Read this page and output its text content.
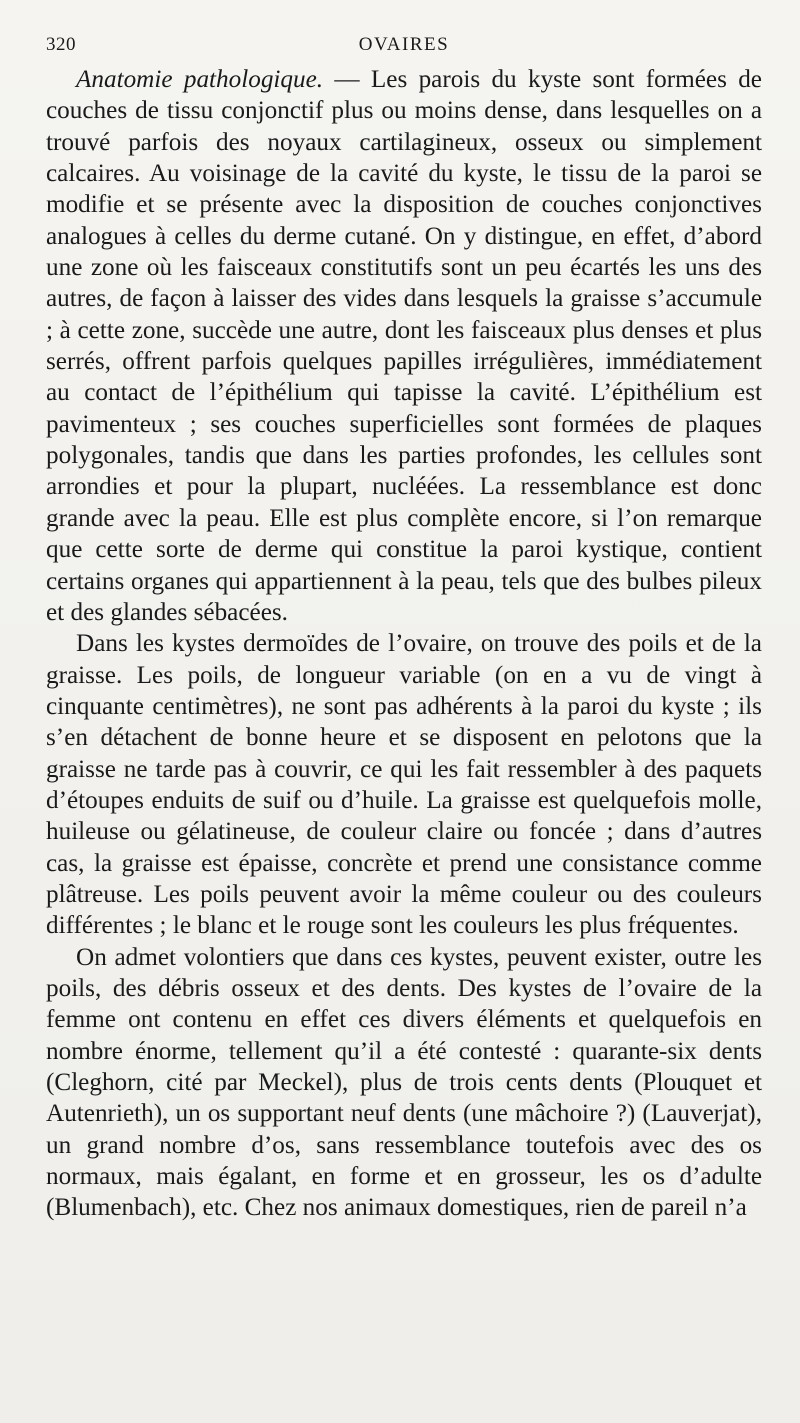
320	OVAIRES

Anatomie pathologique. — Les parois du kyste sont formées de couches de tissu conjonctif plus ou moins dense, dans lesquelles on a trouvé parfois des noyaux cartilagineux, osseux ou simplement calcaires. Au voisinage de la cavité du kyste, le tissu de la paroi se modifie et se présente avec la disposition de couches conjonctives analogues à celles du derme cutané. On y distingue, en effet, d’abord une zone où les faisceaux constitutifs sont un peu écartés les uns des autres, de façon à laisser des vides dans lesquels la graisse s’accumule ; à cette zone, succède une autre, dont les faisceaux plus denses et plus serrés, offrent parfois quelques papilles irrégulières, immédiatement au contact de l’épithélium qui tapisse la cavité. L’épithélium est pavimenteux ; ses couches superficielles sont formées de plaques polygonales, tandis que dans les parties profondes, les cellules sont arrondies et pour la plupart, nucléées. La ressemblance est donc grande avec la peau. Elle est plus complète encore, si l’on remarque que cette sorte de derme qui constitue la paroi kystique, contient certains organes qui appartiennent à la peau, tels que des bulbes pileux et des glandes sébacées.

Dans les kystes dermoïdes de l’ovaire, on trouve des poils et de la graisse. Les poils, de longueur variable (on en a vu de vingt à cinquante centimètres), ne sont pas adhérents à la paroi du kyste ; ils s’en détachent de bonne heure et se disposent en pelotons que la graisse ne tarde pas à couvrir, ce qui les fait ressembler à des paquets d’étoupes enduits de suif ou d’huile. La graisse est quelquefois molle, huileuse ou gélatineuse, de couleur claire ou foncée ; dans d’autres cas, la graisse est épaisse, concrète et prend une consistance comme plâtreuse. Les poils peuvent avoir la même couleur ou des couleurs différentes ; le blanc et le rouge sont les couleurs les plus fréquentes.

On admet volontiers que dans ces kystes, peuvent exister, outre les poils, des débris osseux et des dents. Des kystes de l’ovaire de la femme ont contenu en effet ces divers éléments et quelquefois en nombre énorme, tellement qu’il a été contesté : quarante-six dents (Cleghorn, cité par Meckel), plus de trois cents dents (Plouquet et Autenrieth), un os supportant neuf dents (une mâchoire ?) (Lauverjat), un grand nombre d’os, sans ressemblance toutefois avec des os normaux, mais égalant, en forme et en grosseur, les os d’adulte (Blumenbach), etc. Chez nos animaux domestiques, rien de pareil n’a
